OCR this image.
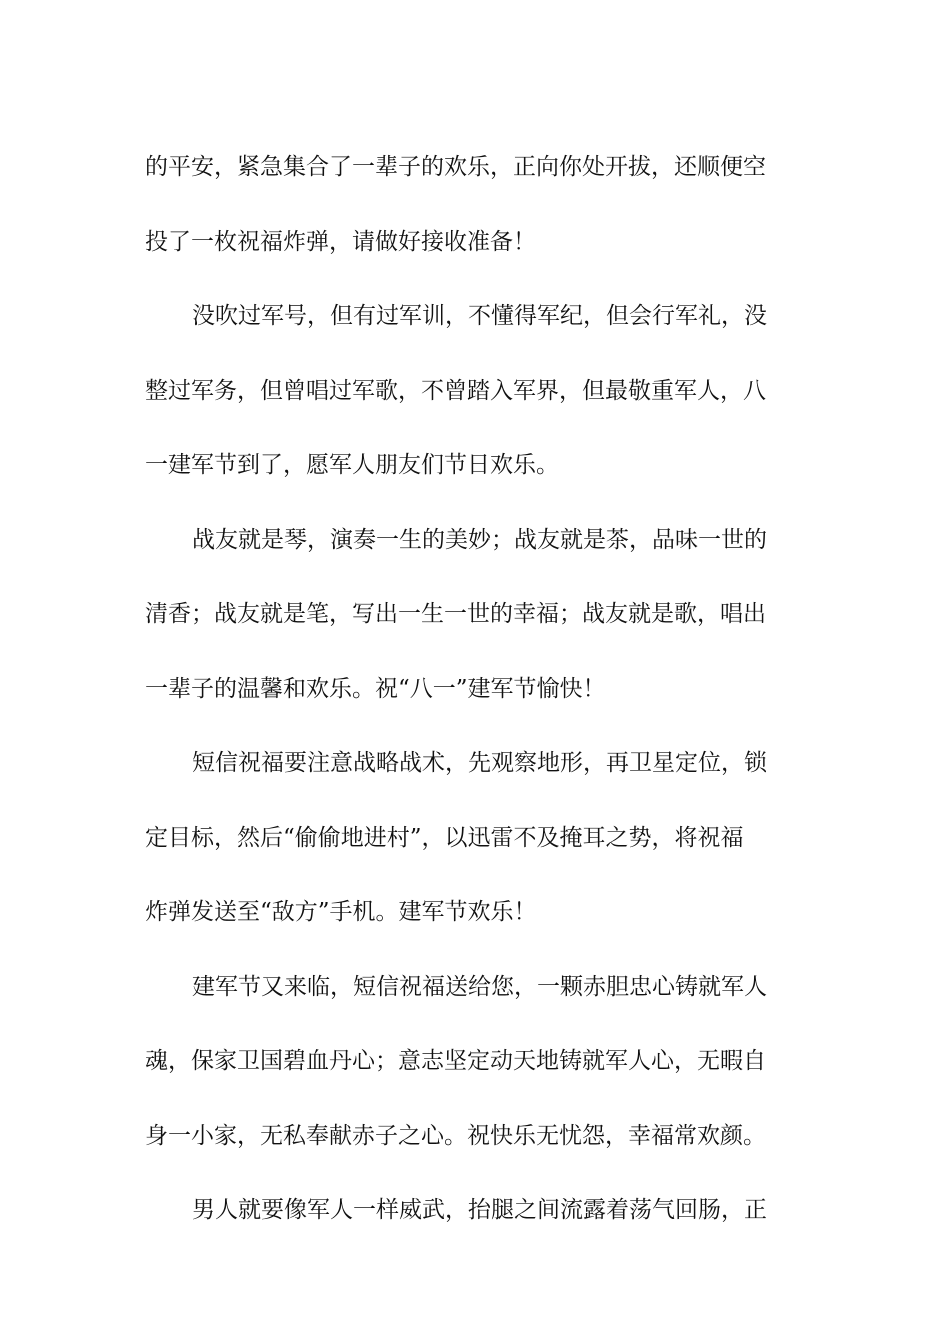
的平安，紧急集合了一辈子的欢乐，正向你处开拔，还顺便空
投了一枚祝福炸弹，请做好接收准备！
没吹过军号，但有过军训，不懂得军纪，但会行军礼，没
整过军务，但曾唱过军歌，不曾踏入军界，但最敬重军人，八
一建军节到了，愿军人朋友们节日欢乐。
战友就是琴，演奏一生的美妙；战友就是茶，品味一世的
清香；战友就是笔，写出一生一世的幸福；战友就是歌，唱出
一辈子的温馨和欢乐。祝“八一”建军节愉快！
短信祝福要注意战略战术，先观察地形，再卫星定位，锁
定目标，然后“偷偷地进村”，以迅雷不及掩耳之势，将祝福
炸弹发送至“敌方”手机。建军节欢乐！
建军节又来临，短信祝福送给您，一颗赤胆忠心铸就军人
魂，保家卫国碧血丹心；意志坚定动天地铸就军人心，无暇自
身一小家，无私奉献赤子之心。祝快乐无忧怨，幸福常欢颜。
男人就要像军人一样威武，抬腿之间流露着荡气回肠，正
